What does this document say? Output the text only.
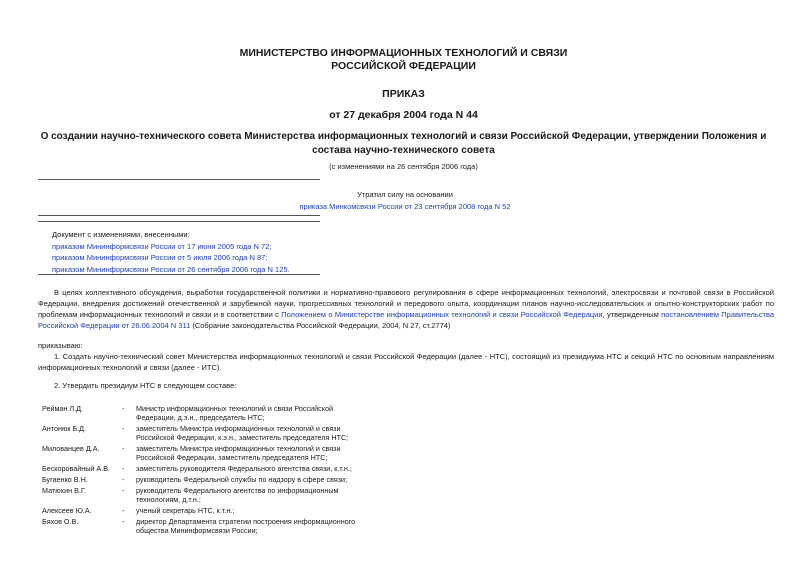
МИНИСТЕРСТВО ИНФОРМАЦИОННЫХ ТЕХНОЛОГИЙ И СВЯЗИ
РОССИЙСКОЙ ФЕДЕРАЦИИ
ПРИКАЗ
от 27 декабря 2004 года N 44
О создании научно-технического совета Министерства информационных технологий и связи Российской Федерации, утверждении Положения и состава научно-технического совета
(с изменениями на 26 сентября 2006 года)
Утратил силу на основании
приказа Минкомсвязи России от 23 сентября 2008 года N 52
Документ с изменениями, внесенными:
приказом Мининформсвязи России от 17 июня 2005 года N 72;
приказом Мининформсвязи России от 5 июля 2006 года N 87;
приказом Мининформсвязи России от 26 сентября 2006 года N 125.
В целях коллективного обсуждения, выработки государственной политики и нормативно-правового регулирования в сфере информационных технологий, электросвязи и почтовой связи в Российской Федерации, внедрения достижений отечественной и зарубежной науки, прогрессивных технологий и передового опыта, координации планов научно-исследовательских и опытно-конструкторских работ по проблемам информационных технологий и связи и в соответствии с Положением о Министерстве информационных технологий и связи Российской Федерации, утвержденным постановлением Правительства Российской Федерации от 26.06.2004 N 311 (Собрание законодательства Российской Федерации, 2004, N 27, ст.2774)
приказываю:
1. Создать научно-технический совет Министерства информационных технологий и связи Российской Федерации (далее - НТС), состоящий из президиума НТС и секций НТС по основным направлениям информационных технологий и связи (далее - ИТС).
2. Утвердить президиум НТС в следующем составе:
Рейман Л.Д.	-	Министр информационных технологий и связи Российской Федерации, д.э.н., председатель НТС;
Антонюк Б.Д.	-	заместитель Министра информационных технологий и связи Российской Федерации, к.э.н., заместитель председателя НТС;
Милованцев Д.А.	-	заместитель Министра информационных технологий и связи Российской Федерации, заместитель председателя НТС;
Бескоровайный А.В.	-	заместитель руководителя Федерального агентства связи, к.т.н.;
Бугаенко В.Н.	-	руководитель Федеральной службы по надзору в сфере связи;
Матюхин В.Г.	-	руководитель Федерального агентства по информационным технологиям, д.т.н.;
Алексеев Ю.А.	-	ученый секретарь НТС, к.т.н.;
Бяхов О.В.	-	директор Департамента стратегии построения информационного общества Мининформсвязи России;
